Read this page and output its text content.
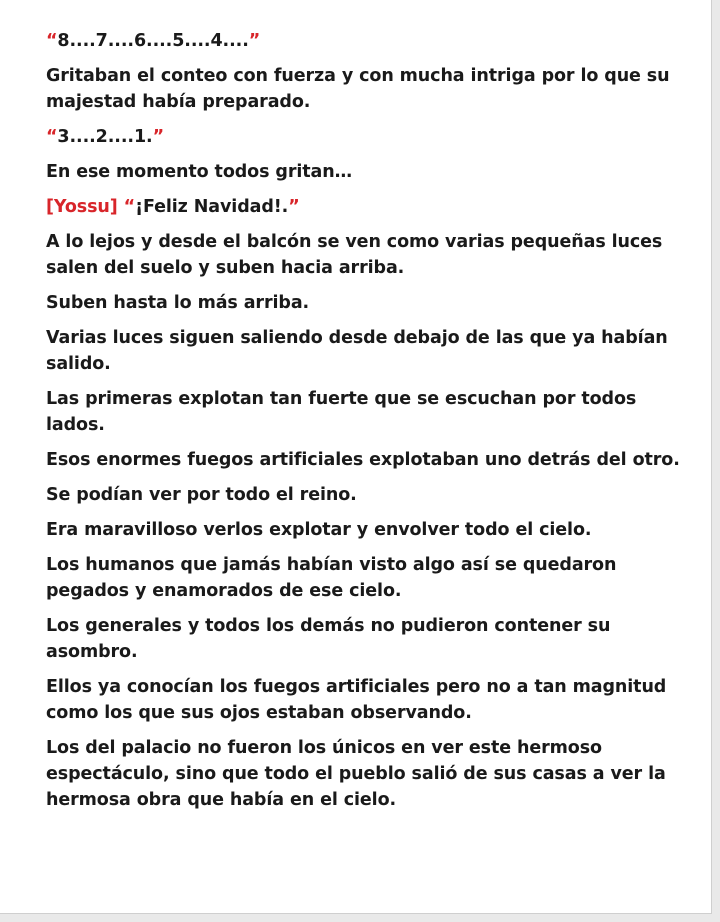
“8....7....6....5....4....”

Gritaban el conteo con fuerza y con mucha intriga por lo que su majestad había preparado.

“3....2....1.”

En ese momento todos gritan…

[Yossu] “¡Feliz Navidad!.”

A lo lejos y desde el balcón se ven como varias pequeñas luces salen del suelo y suben hacia arriba.

Suben hasta lo más arriba.

Varias luces siguen saliendo desde debajo de las que ya habían salido.

Las primeras explotan tan fuerte que se escuchan por todos lados.

Esos enormes fuegos artificiales explotaban uno detrás del otro.

Se podían ver por todo el reino.

Era maravilloso verlos explotar y envolver todo el cielo.

Los humanos que jamás habían visto algo así se quedaron pegados y enamorados de ese cielo.

Los generales y todos los demás no pudieron contener su asombro.

Ellos ya conocían los fuegos artificiales pero no a tan magnitud como los que sus ojos estaban observando.

Los del palacio no fueron los únicos en ver este hermoso espectáculo, sino que todo el pueblo salió de sus casas a ver la hermosa obra que había en el cielo.
